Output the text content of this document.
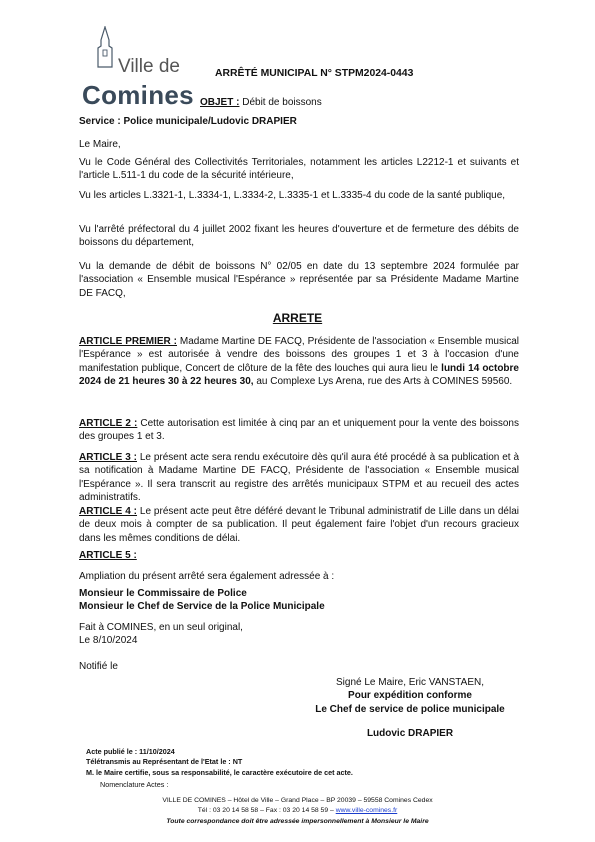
Ville de
Comines
ARRÊTÉ MUNICIPAL N° STPM2024-0443
OBJET : Débit de boissons
Service : Police municipale/Ludovic DRAPIER
Le Maire,
Vu le Code Général des Collectivités Territoriales, notamment les articles L2212-1 et suivants et l'article L.511-1 du code de la sécurité intérieure,
Vu les articles L.3321-1, L.3334-1, L.3334-2, L.3335-1 et L.3335-4 du code de la santé publique,
Vu l'arrêté préfectoral du 4 juillet 2002 fixant les heures d'ouverture et de fermeture des débits de boissons du département,
Vu la demande de débit de boissons N° 02/05 en date du 13 septembre 2024 formulée par l'association « Ensemble musical l'Espérance » représentée par sa Présidente Madame Martine DE FACQ,
ARRETE
ARTICLE PREMIER : Madame Martine DE FACQ, Présidente de l'association « Ensemble musical l'Espérance » est autorisée à vendre des boissons des groupes 1 et 3 à l'occasion d'une manifestation publique, Concert de clôture de la fête des louches qui aura lieu le lundi 14 octobre 2024 de 21 heures 30 à 22 heures 30, au Complexe Lys Arena, rue des Arts à COMINES 59560.
ARTICLE 2 : Cette autorisation est limitée à cinq par an et uniquement pour la vente des boissons des groupes 1 et 3.
ARTICLE 3 : Le présent acte sera rendu exécutoire dès qu'il aura été procédé à sa publication et à sa notification à Madame Martine DE FACQ, Présidente de l'association « Ensemble musical l'Espérance ». Il sera transcrit au registre des arrêtés municipaux STPM et au recueil des actes administratifs.
ARTICLE 4 : Le présent acte peut être déféré devant le Tribunal administratif de Lille dans un délai de deux mois à compter de sa publication. Il peut également faire l'objet d'un recours gracieux dans les mêmes conditions de délai.
ARTICLE 5 :
Ampliation du présent arrêté sera également adressée à :
Monsieur le Commissaire de Police
Monsieur le Chef de Service de la Police Municipale
Fait à COMINES, en un seul original,
Le 8/10/2024
Notifié le
Signé Le Maire, Eric VANSTAEN,
Pour expédition conforme
Le Chef de service de police municipale
Ludovic DRAPIER
Acte publié le : 11/10/2024
Télétransmis au Représentant de l'Etat le : NT
M. le Maire certifie, sous sa responsabilité, le caractère exécutoire de cet acte.
Nomenclature Actes :
VILLE DE COMINES – Hôtel de Ville – Grand Place – BP 20039 – 59558 Comines Cedex
Tél : 03 20 14 58 58 – Fax : 03 20 14 58 59 – www.ville-comines.fr
Toute correspondance doit être adressée impersonnellement à Monsieur le Maire
